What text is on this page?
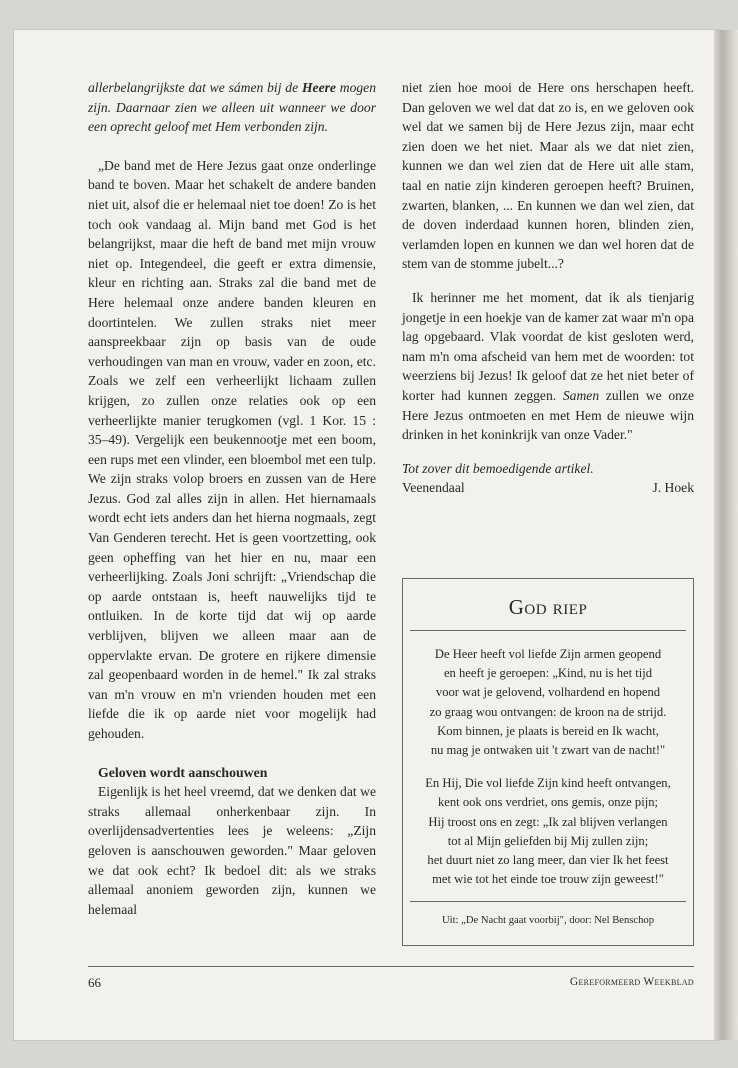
allerbelangrijkste dat we sámen bij de Heere mogen zijn. Daarnaar zien we alleen uit wanneer we door een oprecht geloof met Hem verbonden zijn.

„De band met de Here Jezus gaat onze onderlinge band te boven. Maar het schakelt de andere banden niet uit, alsof die er helemaal niet toe doen! Zo is het toch ook vandaag al. Mijn band met God is het belangrijkst, maar die heft de band met mijn vrouw niet op. Integendeel, die geeft er extra dimensie, kleur en richting aan. Straks zal die band met de Here helemaal onze andere banden kleuren en doortintelen. We zullen straks niet meer aanspreekbaar zijn op basis van de oude verhoudingen van man en vrouw, vader en zoon, etc. Zoals we zelf een verheerlijkt lichaam zullen krijgen, zo zullen onze relaties ook op een verheerlijkte manier terugkomen (vgl. 1 Kor. 15 : 35–49). Vergelijk een beukennootje met een boom, een rups met een vlinder, een bloembol met een tulp. We zijn straks volop broers en zussen van de Here Jezus. God zal alles zijn in allen. Het hiernamaals wordt echt iets anders dan het hierna nogmaals, zegt Van Genderen terecht. Het is geen voortzetting, ook geen opheffing van het hier en nu, maar een verheerlijking. Zoals Joni schrijft: „Vriendschap die op aarde ontstaan is, heeft nauwelijks tijd te ontluiken. In de korte tijd dat wij op aarde verblijven, blijven we alleen maar aan de oppervlakte ervan. De grotere en rijkere dimensie zal geopenbaard worden in de hemel." Ik zal straks van m'n vrouw en m'n vrienden houden met een liefde die ik op aarde niet voor mogelijk had gehouden.

Geloven wordt aanschouwen

Eigenlijk is het heel vreemd, dat we denken dat we straks allemaal onherkenbaar zijn. In overlijdensadvertenties lees je weleens: „Zijn geloven is aanschouwen geworden." Maar geloven we dat ook echt? Ik bedoel dit: als we straks allemaal anoniem geworden zijn, kunnen we helemaal

niet zien hoe mooi de Here ons herschapen heeft. Dan geloven we wel dat dat zo is, en we geloven ook wel dat we samen bij de Here Jezus zijn, maar echt zien doen we het niet. Maar als we dat niet zien, kunnen we dan wel zien dat de Here uit alle stam, taal en natie zijn kinderen geroepen heeft? Bruinen, zwarten, blanken, ... En kunnen we dan wel zien, dat de doven inderdaad kunnen horen, blinden zien, verlamden lopen en kunnen we dan wel horen dat de stem van de stomme jubelt...?

Ik herinner me het moment, dat ik als tienjarig jongetje in een hoekje van de kamer zat waar m'n opa lag opgebaard. Vlak voordat de kist gesloten werd, nam m'n oma afscheid van hem met de woorden: tot weerziens bij Jezus! Ik geloof dat ze het niet beter of korter had kunnen zeggen. Samen zullen we onze Here Jezus ontmoeten en met Hem de nieuwe wijn drinken in het koninkrijk van onze Vader."

Tot zover dit bemoedigende artikel.

Veenendaal	J. Hoek
God riep

De Heer heeft vol liefde Zijn armen geopend
en heeft je geroepen: „Kind, nu is het tijd
voor wat je gelovend, volhardend en hopend
zo graag wou ontvangen: de kroon na de strijd.
Kom binnen, je plaats is bereid en Ik wacht,
nu mag je ontwaken uit 't zwart van de nacht!"

En Hij, Die vol liefde Zijn kind heeft ontvangen,
kent ook ons verdriet, ons gemis, onze pijn;
Hij troost ons en zegt: „Ik zal blijven verlangen
tot al Mijn geliefden bij Mij zullen zijn;
het duurt niet zo lang meer, dan vier Ik het feest
met wie tot het einde toe trouw zijn geweest!"

Uit: „De Nacht gaat voorbij", door: Nel Benschop
66	Gereformeerd Weekblad
